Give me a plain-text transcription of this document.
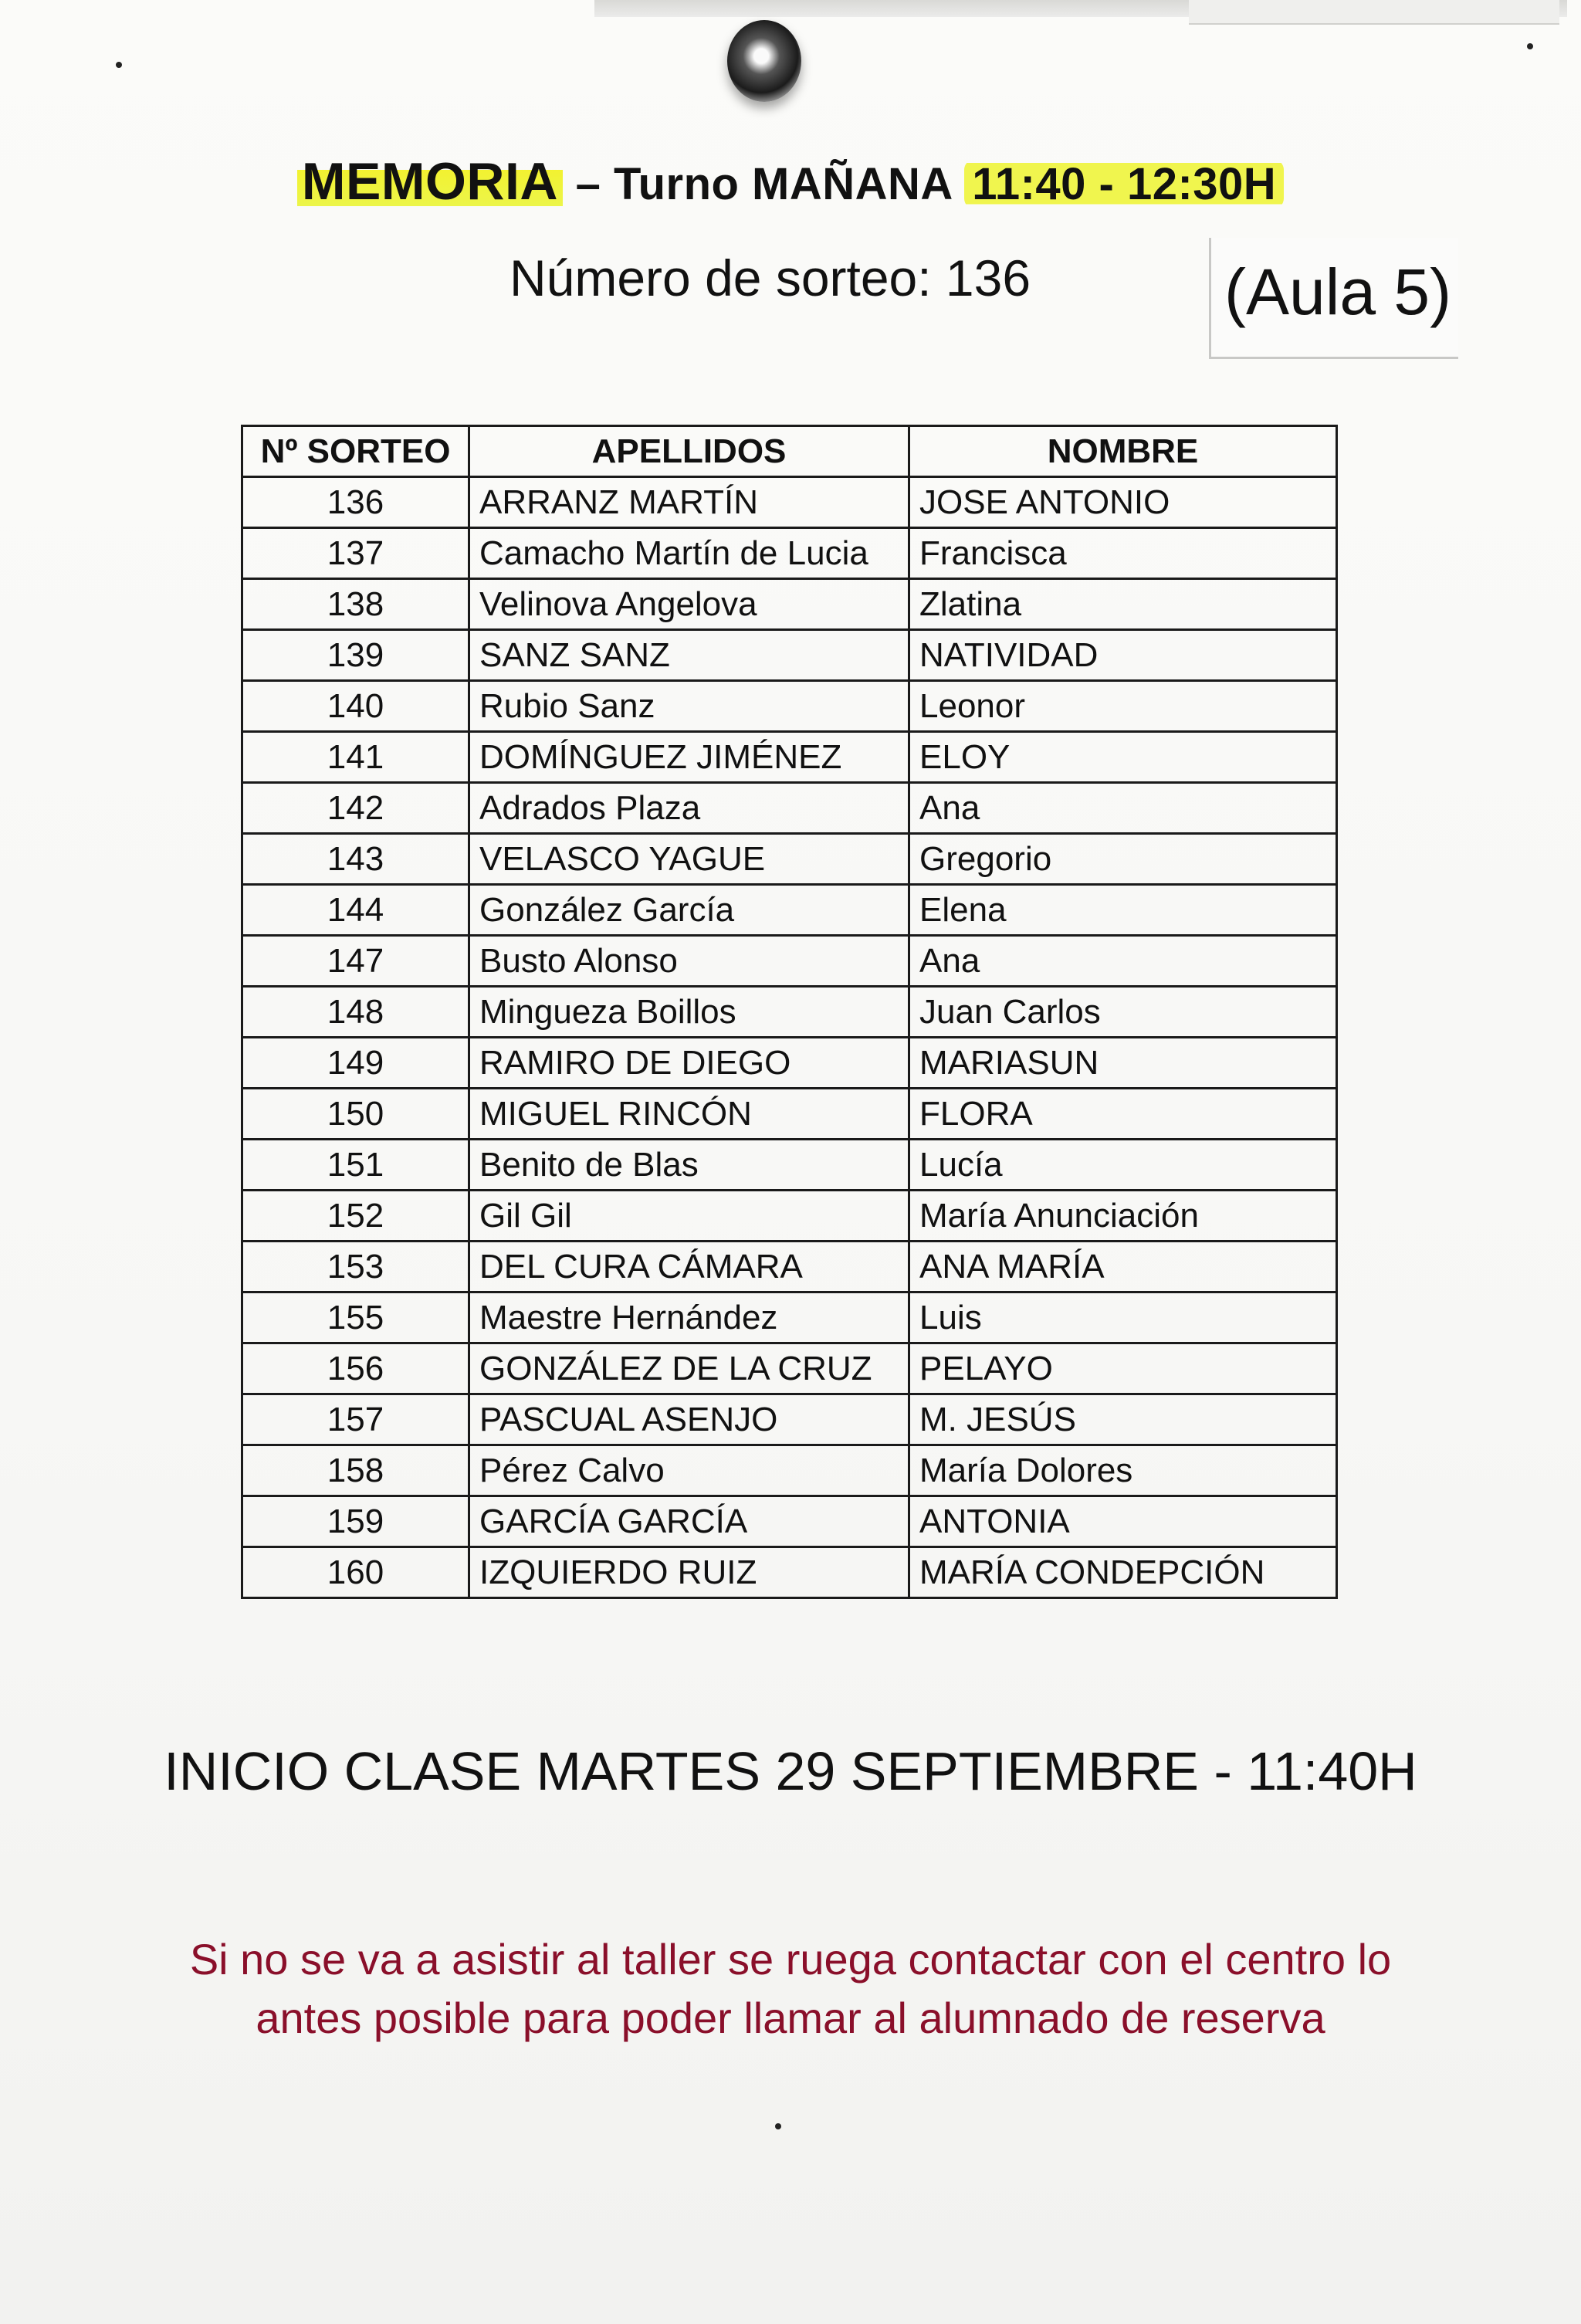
MEMORIA – Turno MAÑANA 11:40 - 12:30H
Número de sorteo: 136	(Aula 5)
Nº SORTEO	APELLIDOS	NOMBRE
136	ARRANZ MARTÍN	JOSE ANTONIO
137	Camacho Martín de Lucia	Francisca
138	Velinova Angelova	Zlatina
139	SANZ SANZ	NATIVIDAD
140	Rubio Sanz	Leonor
141	DOMÍNGUEZ JIMÉNEZ	ELOY
142	Adrados Plaza	Ana
143	VELASCO YAGUE	Gregorio
144	González García	Elena
147	Busto Alonso	Ana
148	Mingueza Boillos	Juan Carlos
149	RAMIRO DE DIEGO	MARIASUN
150	MIGUEL RINCÓN	FLORA
151	Benito de Blas	Lucía
152	Gil Gil	María Anunciación
153	DEL CURA CÁMARA	ANA MARÍA
155	Maestre Hernández	Luis
156	GONZÁLEZ DE LA CRUZ	PELAYO
157	PASCUAL ASENJO	M. JESÚS
158	Pérez Calvo	María Dolores
159	GARCÍA GARCÍA	ANTONIA
160	IZQUIERDO RUIZ	MARÍA CONDEPCIÓN
INICIO CLASE MARTES 29 SEPTIEMBRE - 11:40H
Si no se va a asistir al taller se ruega contactar con el centro lo
antes posible para poder llamar al alumnado de reserva
